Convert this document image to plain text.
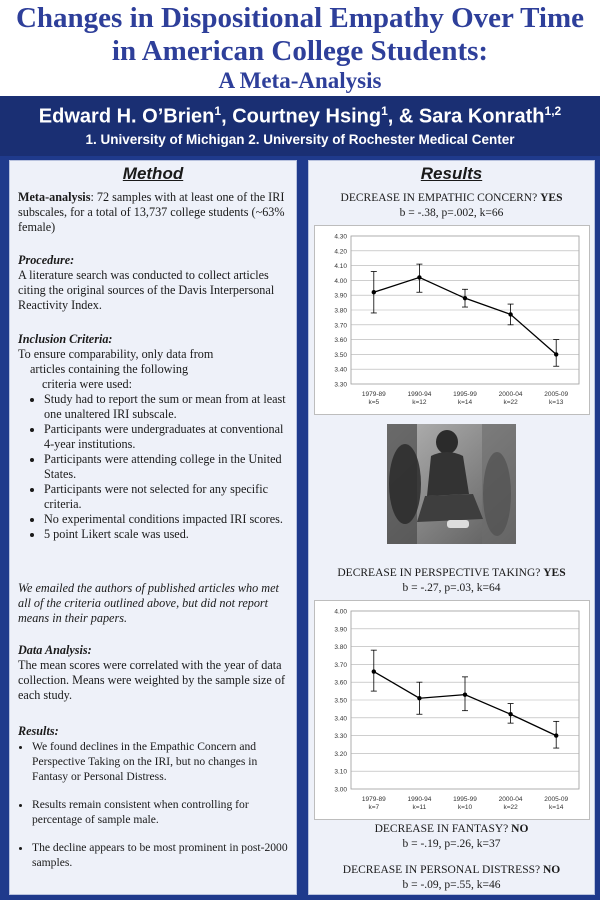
Changes in Dispositional Empathy Over Time
in American College Students:
A Meta-Analysis
Edward H. O’Brien$^1$, Courtney Hsing$^1$, & Sara Konrath$^{1,2}$
1. University of Michigan 2. University of Rochester Medical Center
Method

Meta-analysis: 72 samples with at least one of the IRI subscales, for a total of 13,737 college students (~63% female)

Procedure:

A literature search was conducted to collect articles citing the original sources of the Davis Interpersonal Reactivity Index.

Inclusion Criteria:

To ensure comparability, only data from

articles containing the following

criteria were used:

• Study had to report the sum or mean from at least one unaltered IRI subscale.
• Participants were undergraduates at conventional 4-year institutions.
• Participants were attending college in the United States.
• Participants were not selected for any specific criteria.
• No experimental conditions impacted IRI scores.
• 5 point Likert scale was used.
We emailed the authors of published articles who met all of the criteria outlined above, but did not report means in their papers.

Data Analysis:

The mean scores were correlated with the year of data collection. Means were weighted by the sample size of each study.

Results:

• We found declines in the Empathic Concern and Perspective Taking on the IRI, but no changes in Fantasy or Personal Distress.
• Results remain consistent when controlling for percentage of sample male.
• The decline appears to be most prominent in post-2000 samples.
Results
DECREASE IN EMPATHIC CONCERN? YES
b = -.38, p=.002, k=66
3.30
3.40
3.50
3.60
3.70
3.80
3.90
4.00
4.10
4.20
4.30
1979-89
k=5
1990-94
k=12
1995-99
k=14
2000-04
k=22
2005-09
k=13
DECREASE IN PERSPECTIVE TAKING? YES
b = -.27, p=.03, k=64
3.00
3.10
3.20
3.30
3.40
3.50
3.60
3.70
3.80
3.90
4.00
1979-89
k=7
1990-94
k=11
1995-99
k=10
2000-04
k=22
2005-09
k=14
DECREASE IN FANTASY? NO
b = -.19, p=.26, k=37
DECREASE IN PERSONAL DISTRESS? NO
b = -.09, p=.55, k=46
